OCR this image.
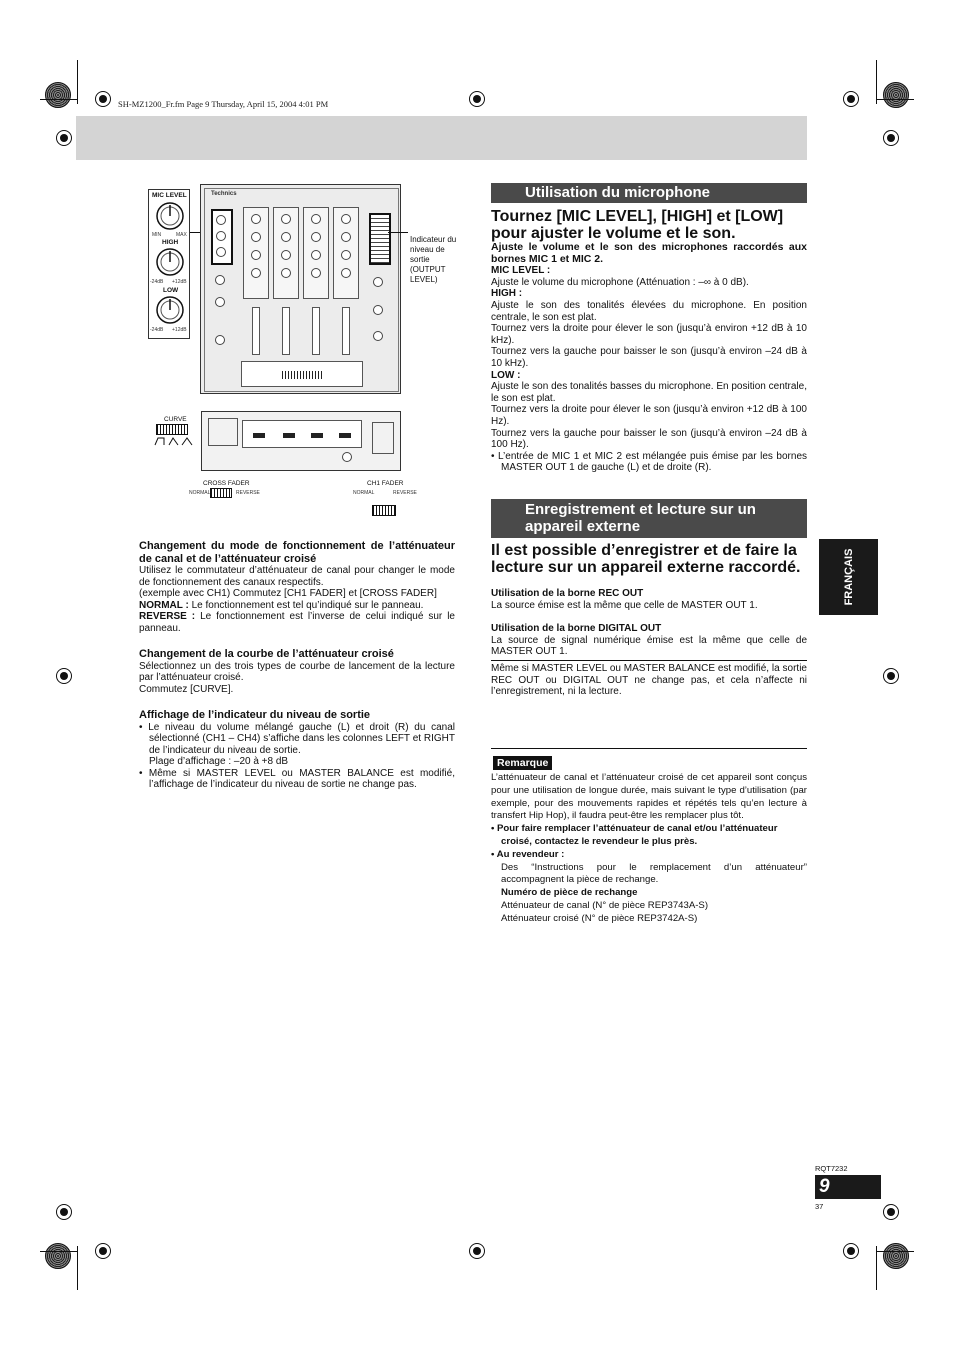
SH-MZ1200_Fr.fm Page 9 Thursday, April 15, 2004 4:01 PM
MIC LEVEL
MIN	MAX
HIGH
-24dB +12dB
LOW
-24dB +12dB
Technics
Indicateur du niveau de sortie (OUTPUT LEVEL)
CURVE
CROSS FADER
NORMAL	REVERSE
CH1 FADER
NORMAL	REVERSE

Changement du mode de fonctionnement de l’atténuateur de canal et de l’atténuateur croisé

Utilisez le commutateur d’atténuateur de canal pour changer le mode de fonctionnement des canaux respectifs.

(exemple avec CH1) Commutez [CH1 FADER] et [CROSS FADER]

NORMAL : Le fonctionnement est tel qu’indiqué sur le panneau.

REVERSE : Le fonctionnement est l’inverse de celui indiqué sur le panneau.

Changement de la courbe de l’atténuateur croisé

Sélectionnez un des trois types de courbe de lancement de la lecture par l’atténuateur croisé.

Commutez [CURVE].

Affichage de l’indicateur du niveau de sortie

• Le niveau du volume mélangé gauche (L) et droit (R) du canal sélectionné (CH1 – CH4) s’affiche dans les colonnes LEFT et RIGHT de l’indicateur du niveau de sortie.

Plage d’affichage : –20 à +8 dB

• Même si MASTER LEVEL ou MASTER BALANCE est modifié, l’affichage de l’indicateur du niveau de sortie ne change pas.

Utilisation du microphone

Tournez [MIC LEVEL], [HIGH] et [LOW] pour ajuster le volume et le son.

Ajuste le volume et le son des microphones raccordés aux bornes MIC 1 et MIC 2.

MIC LEVEL :

Ajuste le volume du microphone (Atténuation : –∞ à 0 dB).

HIGH :

Ajuste le son des tonalités élevées du microphone. En position centrale, le son est plat.

Tournez vers la droite pour élever le son (jusqu’à environ +12 dB à 10 kHz).

Tournez vers la gauche pour baisser le son (jusqu’à environ –24 dB à 10 kHz).

LOW :

Ajuste le son des tonalités basses du microphone. En position centrale, le son est plat.

Tournez vers la droite pour élever le son (jusqu’à environ +12 dB à 100 Hz).

Tournez vers la gauche pour baisser le son (jusqu’à environ –24 dB à 100 Hz).

• L’entrée de MIC 1 et MIC 2 est mélangée puis émise par les bornes MASTER OUT 1 de gauche (L) et de droite (R).

Enregistrement et lecture sur un appareil externe

Il est possible d’enregistrer et de faire la lecture sur un appareil externe raccordé.

Utilisation de la borne REC OUT

La source émise est la même que celle de MASTER OUT 1.

Utilisation de la borne DIGITAL OUT

La source de signal numérique émise est la même que celle de MASTER OUT 1.

Même si MASTER LEVEL ou MASTER BALANCE est modifié, la sortie REC OUT ou DIGITAL OUT ne change pas, et cela n’affecte ni l’enregistrement, ni la lecture.

Remarque

L’atténuateur de canal et l’atténuateur croisé de cet appareil sont conçus pour une utilisation de longue durée, mais suivant le type d’utilisation (par exemple, pour des mouvements rapides et répétés tels qu’en lecture à transfert Hip Hop), il faudra peut-être les remplacer plus tôt.

• Pour faire remplacer l’atténuateur de canal et/ou l’atténuateur croisé, contactez le revendeur le plus près.

• Au revendeur :

Des “Instructions pour le remplacement d’un atténuateur” accompagnent la pièce de rechange.

Numéro de pièce de rechange

Atténuateur de canal (N° de pièce REP3743A-S)

Atténuateur croisé (N° de pièce REP3742A-S)

FRANÇAIS
RQT7232
9
37
